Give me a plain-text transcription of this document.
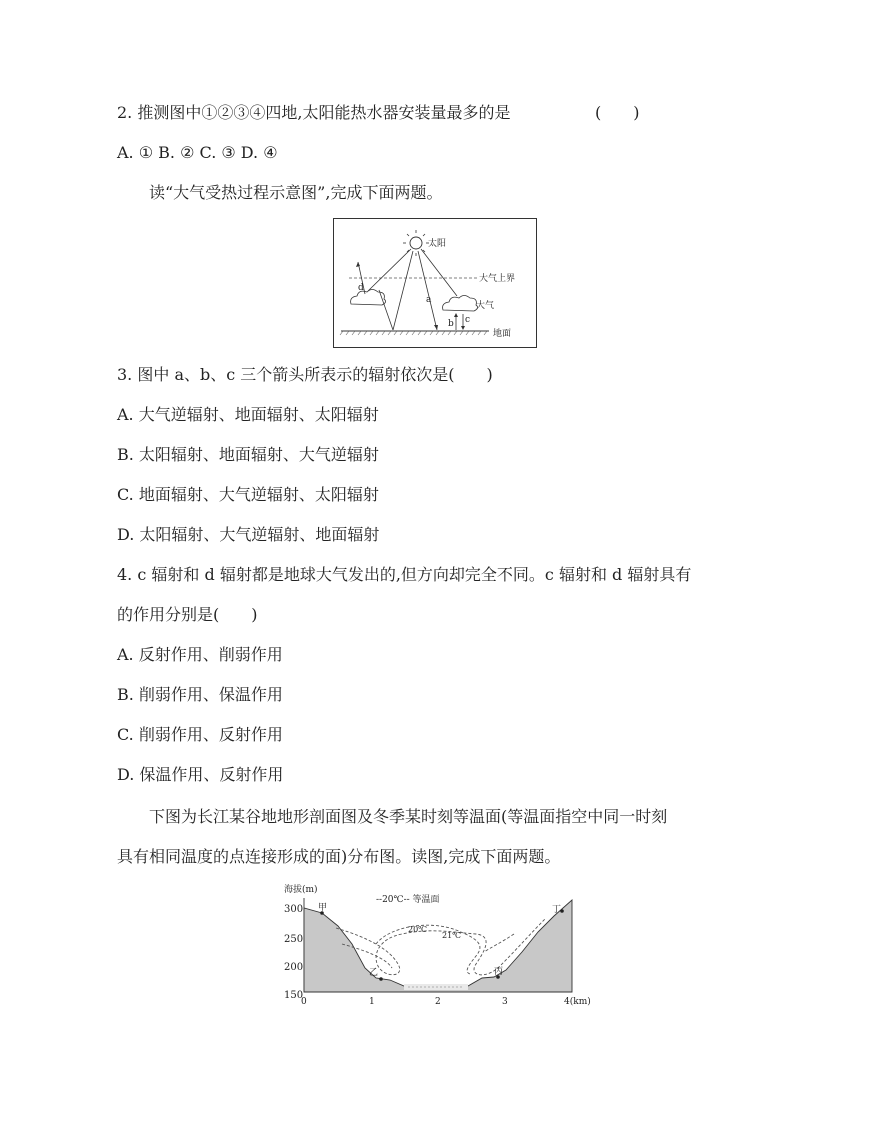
2. 推测图中①②③④四地,太阳能热水器安装量最多的是	(　　)
A. ① B. ② C. ③ D. ④
读“大气受热过程示意图”,完成下面两题。
太阳
大气上界
地面
大气
a
b c
d
3. 图中 a、b、c 三个箭头所表示的辐射依次是(　　)
A. 大气逆辐射、地面辐射、太阳辐射
B. 太阳辐射、地面辐射、大气逆辐射
C. 地面辐射、大气逆辐射、太阳辐射
D. 太阳辐射、大气逆辐射、地面辐射
4. c 辐射和 d 辐射都是地球大气发出的,但方向却完全不同。c 辐射和 d 辐射具有
的作用分别是(　　)
A. 反射作用、削弱作用
B. 削弱作用、保温作用
C. 削弱作用、反射作用
D. 保温作用、反射作用
下图为长江某谷地地形剖面图及冬季某时刻等温面(等温面指空中同一时刻
具有相同温度的点连接形成的面)分布图。读图,完成下面两题。
海拔(m)
300
250
200
150
0	1	2	3	4(km)
--20℃-- 等温面
20℃
21℃
甲
乙	丙
丁
